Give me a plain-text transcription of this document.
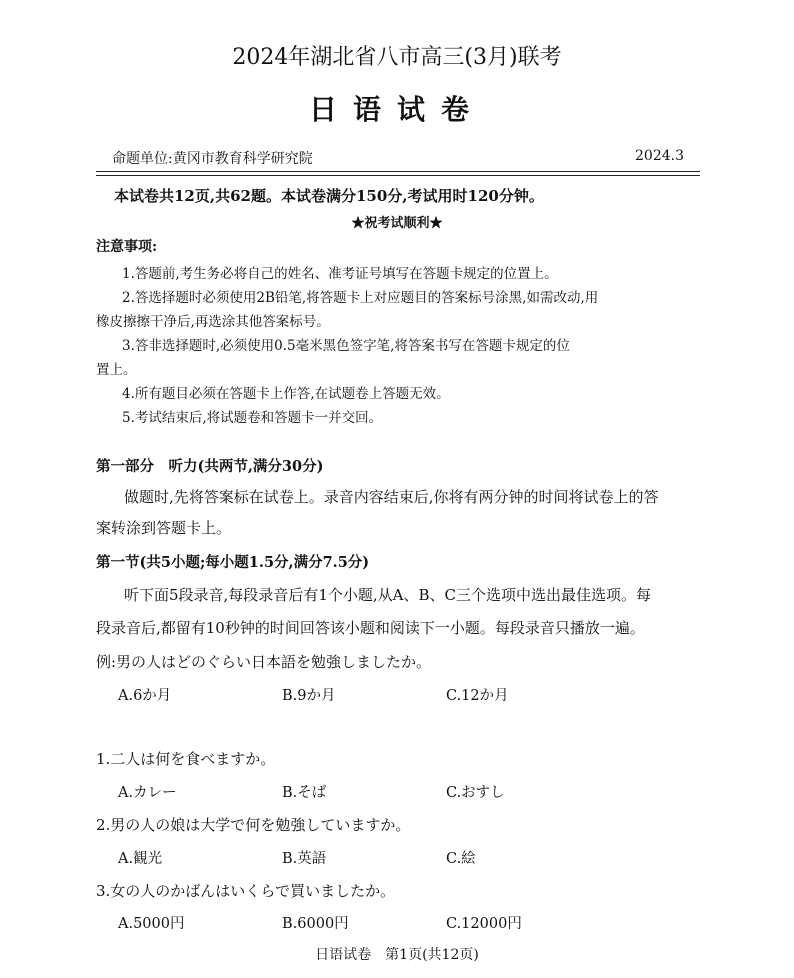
2024年湖北省八市高三(3月)联考
日语试卷
命题单位:黄冈市教育科学研究院	2024.3
本试卷共12页,共62题。本试卷满分150分,考试用时120分钟。
★祝考试顺利★
注意事项:
1.答题前,考生务必将自己的姓名、准考证号填写在答题卡规定的位置上。
2.答选择题时必须使用2B铅笔,将答题卡上对应题目的答案标号涂黑,如需改动,用
橡皮擦擦干净后,再选涂其他答案标号。
3.答非选择题时,必须使用0.5毫米黑色签字笔,将答案书写在答题卡规定的位
置上。
4.所有题目必须在答题卡上作答,在试题卷上答题无效。
5.考试结束后,将试题卷和答题卡一并交回。
第一部分　听力(共两节,满分30分)
做题时,先将答案标在试卷上。录音内容结束后,你将有两分钟的时间将试卷上的答
案转涂到答题卡上。
第一节(共5小题;每小题1.5分,满分7.5分)
听下面5段录音,每段录音后有1个小题,从A、B、C三个选项中选出最佳选项。每
段录音后,都留有10秒钟的时间回答该小题和阅读下一小题。每段录音只播放一遍。
例:男の人はどのぐらい日本語を勉強しましたか。
A.6か月	B.9か月	C.12か月
1.二人は何を食べますか。
A.カレー	B.そば	C.おすし
2.男の人の娘は大学で何を勉強していますか。
A.観光	B.英語	C.絵
3.女の人のかばんはいくらで買いましたか。
A.5000円	B.6000円	C.12000円
日语试卷　第1页(共12页)
